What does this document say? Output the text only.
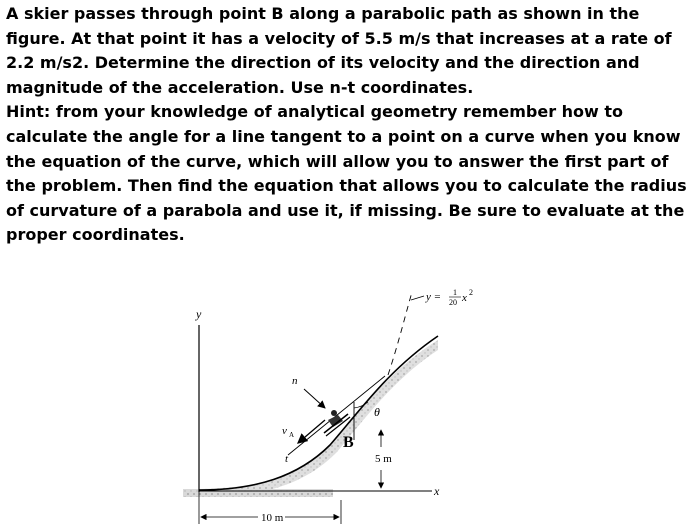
A skier passes through point B along a parabolic path as shown in the figure. At that point it has a velocity of 5.5 m/s that increases at a rate of 2.2 m/s2. Determine the direction of its velocity and the direction and magnitude of the acceleration. Use n-t coordinates.

Hint: from your knowledge of analytical geometry remember how to calculate the angle for a line tangent to a point on a curve when you know the equation of the curve, which will allow you to answer the first part of the problem. Then find the equation that allows you to calculate the radius of curvature of a parabola and use it, if missing. Be sure to evaluate at the proper coordinates.

y
x
y = 1
20 x 2
n
t
v A
θ
B
5 m
10 m
